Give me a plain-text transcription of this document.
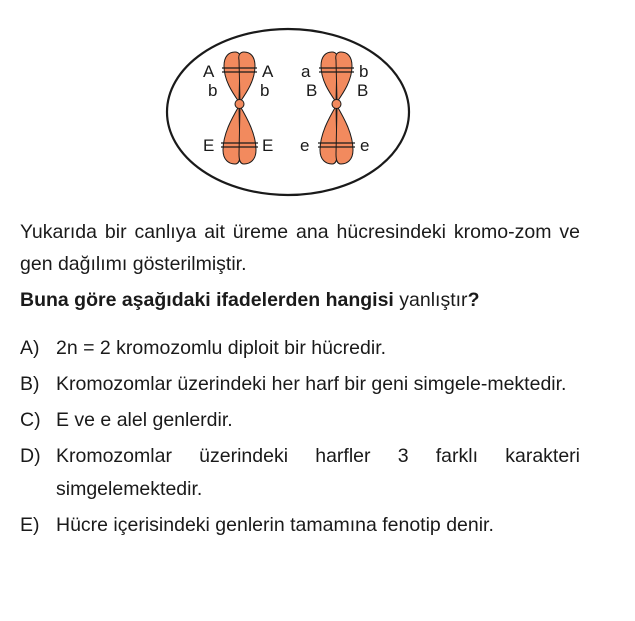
A	A
b	b
E	E
a	b
B B
e	e
Yukarıda bir canlıya ait üreme ana hücresindeki kromo-zom ve gen dağılımı gösterilmiştir.
Buna göre aşağıdaki ifadelerden hangisi yanlıştır?
A) 2n = 2 kromozomlu diploit bir hücredir.
B) Kromozomlar üzerindeki her harf bir geni simgele-mektedir.
C) E ve e alel genlerdir.
D) Kromozomlar üzerindeki harfler 3 farklı karakteri simgelemektedir.
E) Hücre içerisindeki genlerin tamamına fenotip denir.
